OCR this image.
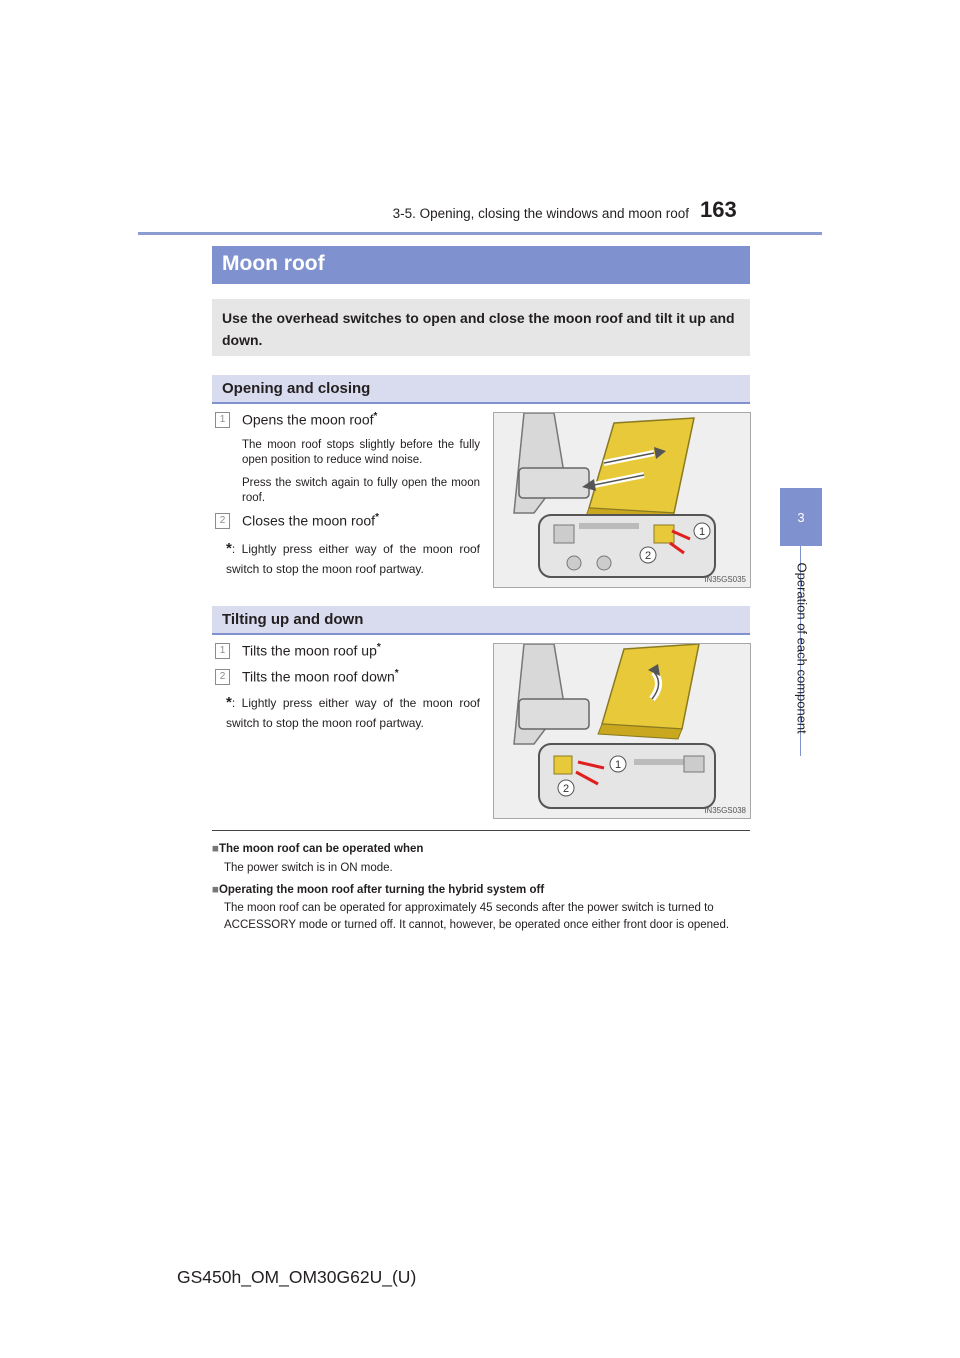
3-5. Opening, closing the windows and moon roof 163
3
Operation of each component
Moon roof
Use the overhead switches to open and close the moon roof and tilt it up and down.
Opening and closing
1	Opens the moon roof*
The moon roof stops slightly before the fully open position to reduce wind noise.
Press the switch again to fully open the moon roof.
2	Closes the moon roof*
*: Lightly press either way of the moon roof switch to stop the moon roof partway.
1
2
IN35GS035
Tilting up and down
1	Tilts the moon roof up*
2	Tilts the moon roof down*
*: Lightly press either way of the moon roof switch to stop the moon roof partway.
1
2
IN35GS038
■The moon roof can be operated when
The power switch is in ON mode.
■Operating the moon roof after turning the hybrid system off
The moon roof can be operated for approximately 45 seconds after the power switch is turned to ACCESSORY mode or turned off. It cannot, however, be operated once either front door is opened.
GS450h_OM_OM30G62U_(U)
